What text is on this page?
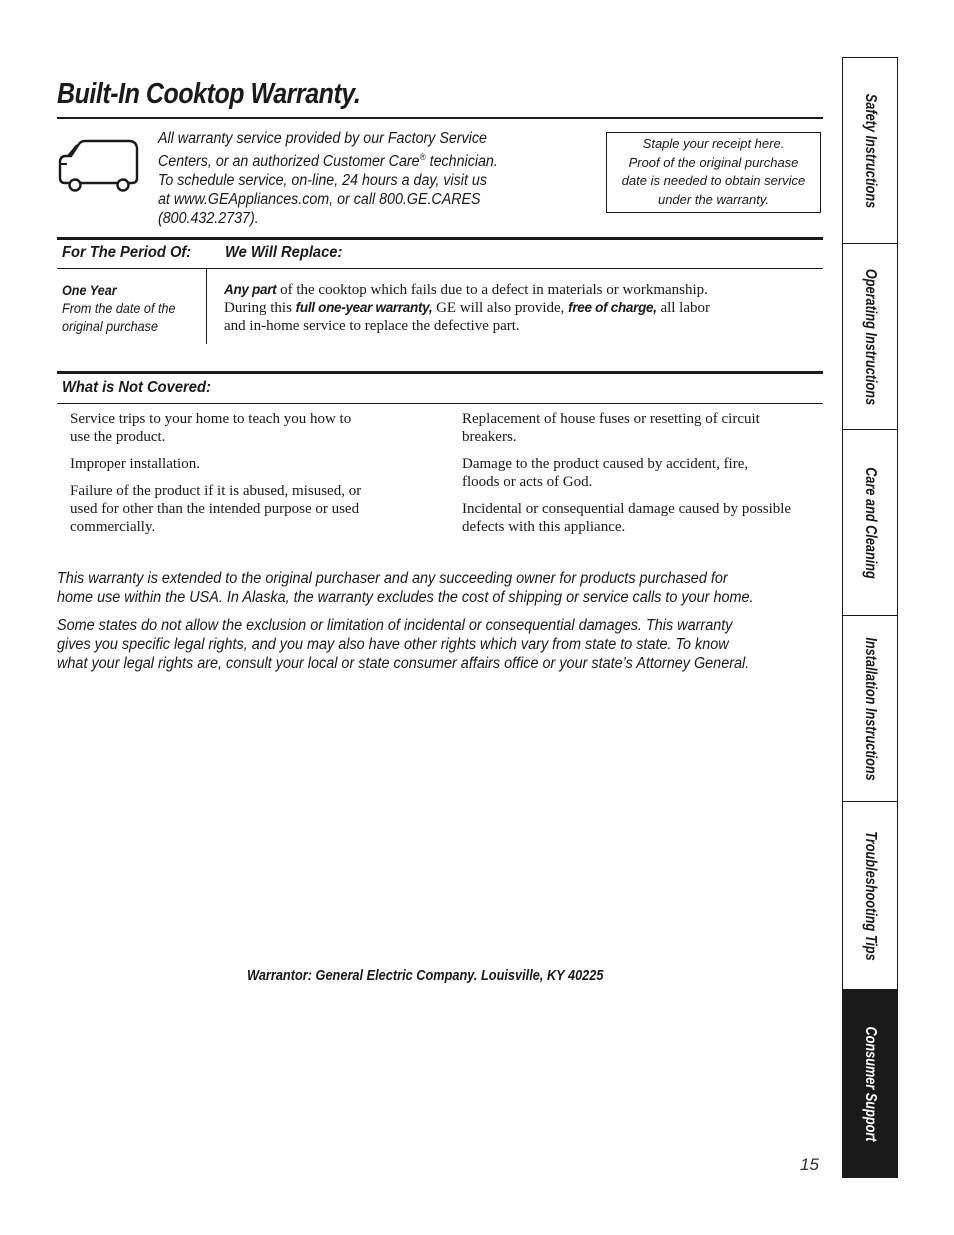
Built-In Cooktop Warranty.
All warranty service provided by our Factory Service
Centers, or an authorized Customer Care® technician.
To schedule service, on-line, 24 hours a day, visit us
at www.GEAppliances.com, or call 800.GE.CARES
(800.432.2737).
Staple your receipt here.
Proof of the original purchase
date is needed to obtain service
under the warranty.
For The Period Of: We Will Replace:
One Year
From the date of the
original purchase
Any part of the cooktop which fails due to a defect in materials or workmanship.
During this full one-year warranty, GE will also provide, free of charge, all labor
and in-home service to replace the defective part.
What is Not Covered:

Service trips to your home to teach you how to
use the product.

Improper installation.

Failure of the product if it is abused, misused, or
used for other than the intended purpose or used
commercially.

Replacement of house fuses or resetting of circuit
breakers.

Damage to the product caused by accident, fire,
floods or acts of God.

Incidental or consequential damage caused by possible
defects with this appliance.

This warranty is extended to the original purchaser and any succeeding owner for products purchased for
home use within the USA. In Alaska, the warranty excludes the cost of shipping or service calls to your home.
Some states do not allow the exclusion or limitation of incidental or consequential damages. This warranty
gives you specific legal rights, and you may also have other rights which vary from state to state. To know
what your legal rights are, consult your local or state consumer affairs office or your state’s Attorney General.
Warrantor: General Electric Company. Louisville, KY 40225
15
Safety Instructions
Operating Instructions
Care and Cleaning
Installation Instructions
Troubleshooting Tips
Consumer Support
